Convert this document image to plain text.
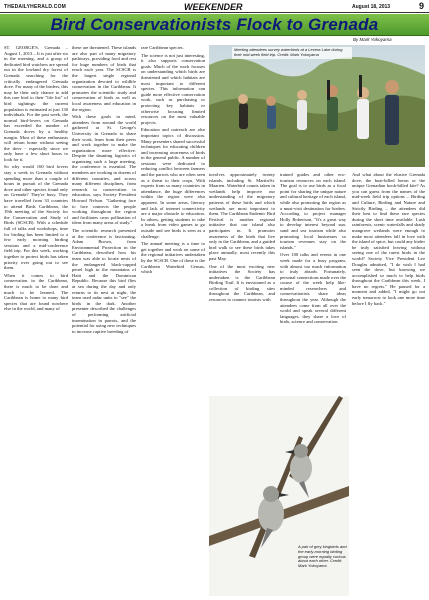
THEDAILYHERALD.COM	WEEKENDER	August 18, 2013	9
Bird Conservationists Flock to Grenada
By Mark Yokoyama

ST. GEORGE'S, Grenada – August 1, 2013 – It is just after six in the morning, and a group of dedicated bird watchers are spread out in the lowland dry forest of Grenada searching for the critically endangered Grenada dove. For many of the birders, this may be their only chance to add this rare bird to their "life list" of bird sightings: the current population is estimated at just 130 individuals. For the past week, the normal bird-lovers on Grenada has exceeded the number of Grenada doves by a healthy margin. Most of these enthusiasts will return home without seeing the dove - especially since we only have a few short hours to look for it.

So why would 160 bird lovers stay a week in Grenada without spending more than a couple of hours in pursuit of the Grenada dove and other species found only on Grenada? They're busy. They have travelled from 33 countries to attend Birds Caribbean, the 19th meeting of the Society for the Conservation and Study of Birds (SCSCB). With a schedule full of talks and workshops, time for birding has been limited to a few early morning birding sessions and a mid-conference field trip. For this week, working together to protect birds has taken priority over going out to see them.

When it comes to bird conservation in the Caribbean, there is much to be done and much to be learned. The Caribbean is home to many bird species that are found nowhere else in the world, and many of

these are threatened. These islands are also part of many migratory pathways, providing food and rest for huge numbers of birds that reach each year. The SCSCB is the largest single regional organization devoted to wildlife conservation in the Caribbean. It promotes the scientific study and conservation of birds as well as local awareness and education in the region.

With these goals in mind, attendees from around the world gathered at St. George's University in Grenada to share their work, learn from their peers and work together to make the organization more effective. Despite the daunting logistics of organizing such a large meeting, the conference is essential. The members are working in dozens of different countries, and across many different disciplines, from research to conservation to education, says Society President Howard Nelson. "Gathering face to face connects the people working throughout the region and facilitates cross pollination of ideas from many areas of study."

The scientific research presented at the conference is fascinating. Adam Brown, from Environmental Protection in the Caribbean, described how his team was able to locate nests of the endangered black-capped petrel high in the mountains of Haiti and the Dominican Republic. Because this bird flies at sea during the day and only returns to its nest at night, the team used radar units to "see" the birds in the dark. Another presenter described the challenges of performing artificial insemination in parrots, and the potential for using new techniques to increase captive breeding of

rare Caribbean species.

The science is not just interesting, it also supports conservation goals. Much of the work focuses on understanding which birds are threatened and which habitats are most important to different species. This information can guide more effective conservation work, such as purchasing or protecting key habitats or otherwise focusing limited resources on the most valuable projects.

Education and outreach are also important topics of discussion. Many presenters shared successful techniques for educating children and increasing awareness of birds in the general public. A number of sessions were dedicated to reducing conflict between farmers and the parrots who are often seen as a threat to their crops. With experts from so many countries in attendance, the huge differences within the region were also apparent. In some areas, literacy and lack of internet connectivity are a major obstacle to education. In others, getting students to take a break from video games to go outside and see birds is seen as a challenge.

The annual meeting is a time to get together and work on some of the regional initiatives undertaken by the SCSCB. One of these is the Caribbean Waterbird Census, which

Meeting attendees survey waterbirds at a Levera Lake during their mid-week field trip. Credit: Mark Yokoyama

involves approximately twenty islands, including St. Martin/St. Maarten. Waterbird counts taken in wetlands help improve our understanding of the migratory patterns of these birds and which wetlands are most important to them. The Caribbean Endemic Bird Festival is another regional initiative that our island also participates in. It promotes awareness of the birds that live only in the Caribbean, and a guided bird walk to see these birds takes place annually, most recently this past May.

One of the most exciting new initiatives the Society has undertaken is the Caribbean Birding Trail. It is envisioned as a collection of birding sites throughout the Caribbean, and resources to connect tourists with

trained guides and other eco-tourism resources on each island. The goal is to use birds as a focal point for sharing the unique nature and cultural heritage of each island, while also promoting the region as a must-visit destination for birders. According to project manager Holly Robertson, "It's a great way to develop interest beyond sun, sand and sea tourism while also promoting local businesses so tourism revenues stay on the islands."

Over 100 talks and events in one week made for a busy program, with almost too much information to truly absorb. Fortunately, personal connections made over the course of the week help like-minded researchers and conservationists share ideas throughout the year. Although the attendees come from all over the world and speak several different languages, they share a love of birds, science and conservation.

And what about the elusive Grenada dove, the boat-billed heron or the unique Grenadian hook-billed kite? As you can guess from the names of the mid-week field trip options – Birding and Culture, Birding and Nature and Strictly Birding – the attendees did their best to find these rare species during the short time available. Lush rainforests, scenic waterfalls and shady mangrove wetlands were enough to make most attendees fall in love with the island of spice, but could any birder be truly satisfied leaving without seeing one of the rarest birds in the world? Society Vice President Leo Douglas admitted, "I do wish I had seen the dove, but knowing we accomplished so much to help birds throughout the Caribbean this week, I have no regrets." He paused for a moment and added, "I might go out early tomorrow to look one more time before I fly back."

A pair of grey kingbirds and the early-morning birding group were equally curious about each other. Credit: Mark Yokoyama
